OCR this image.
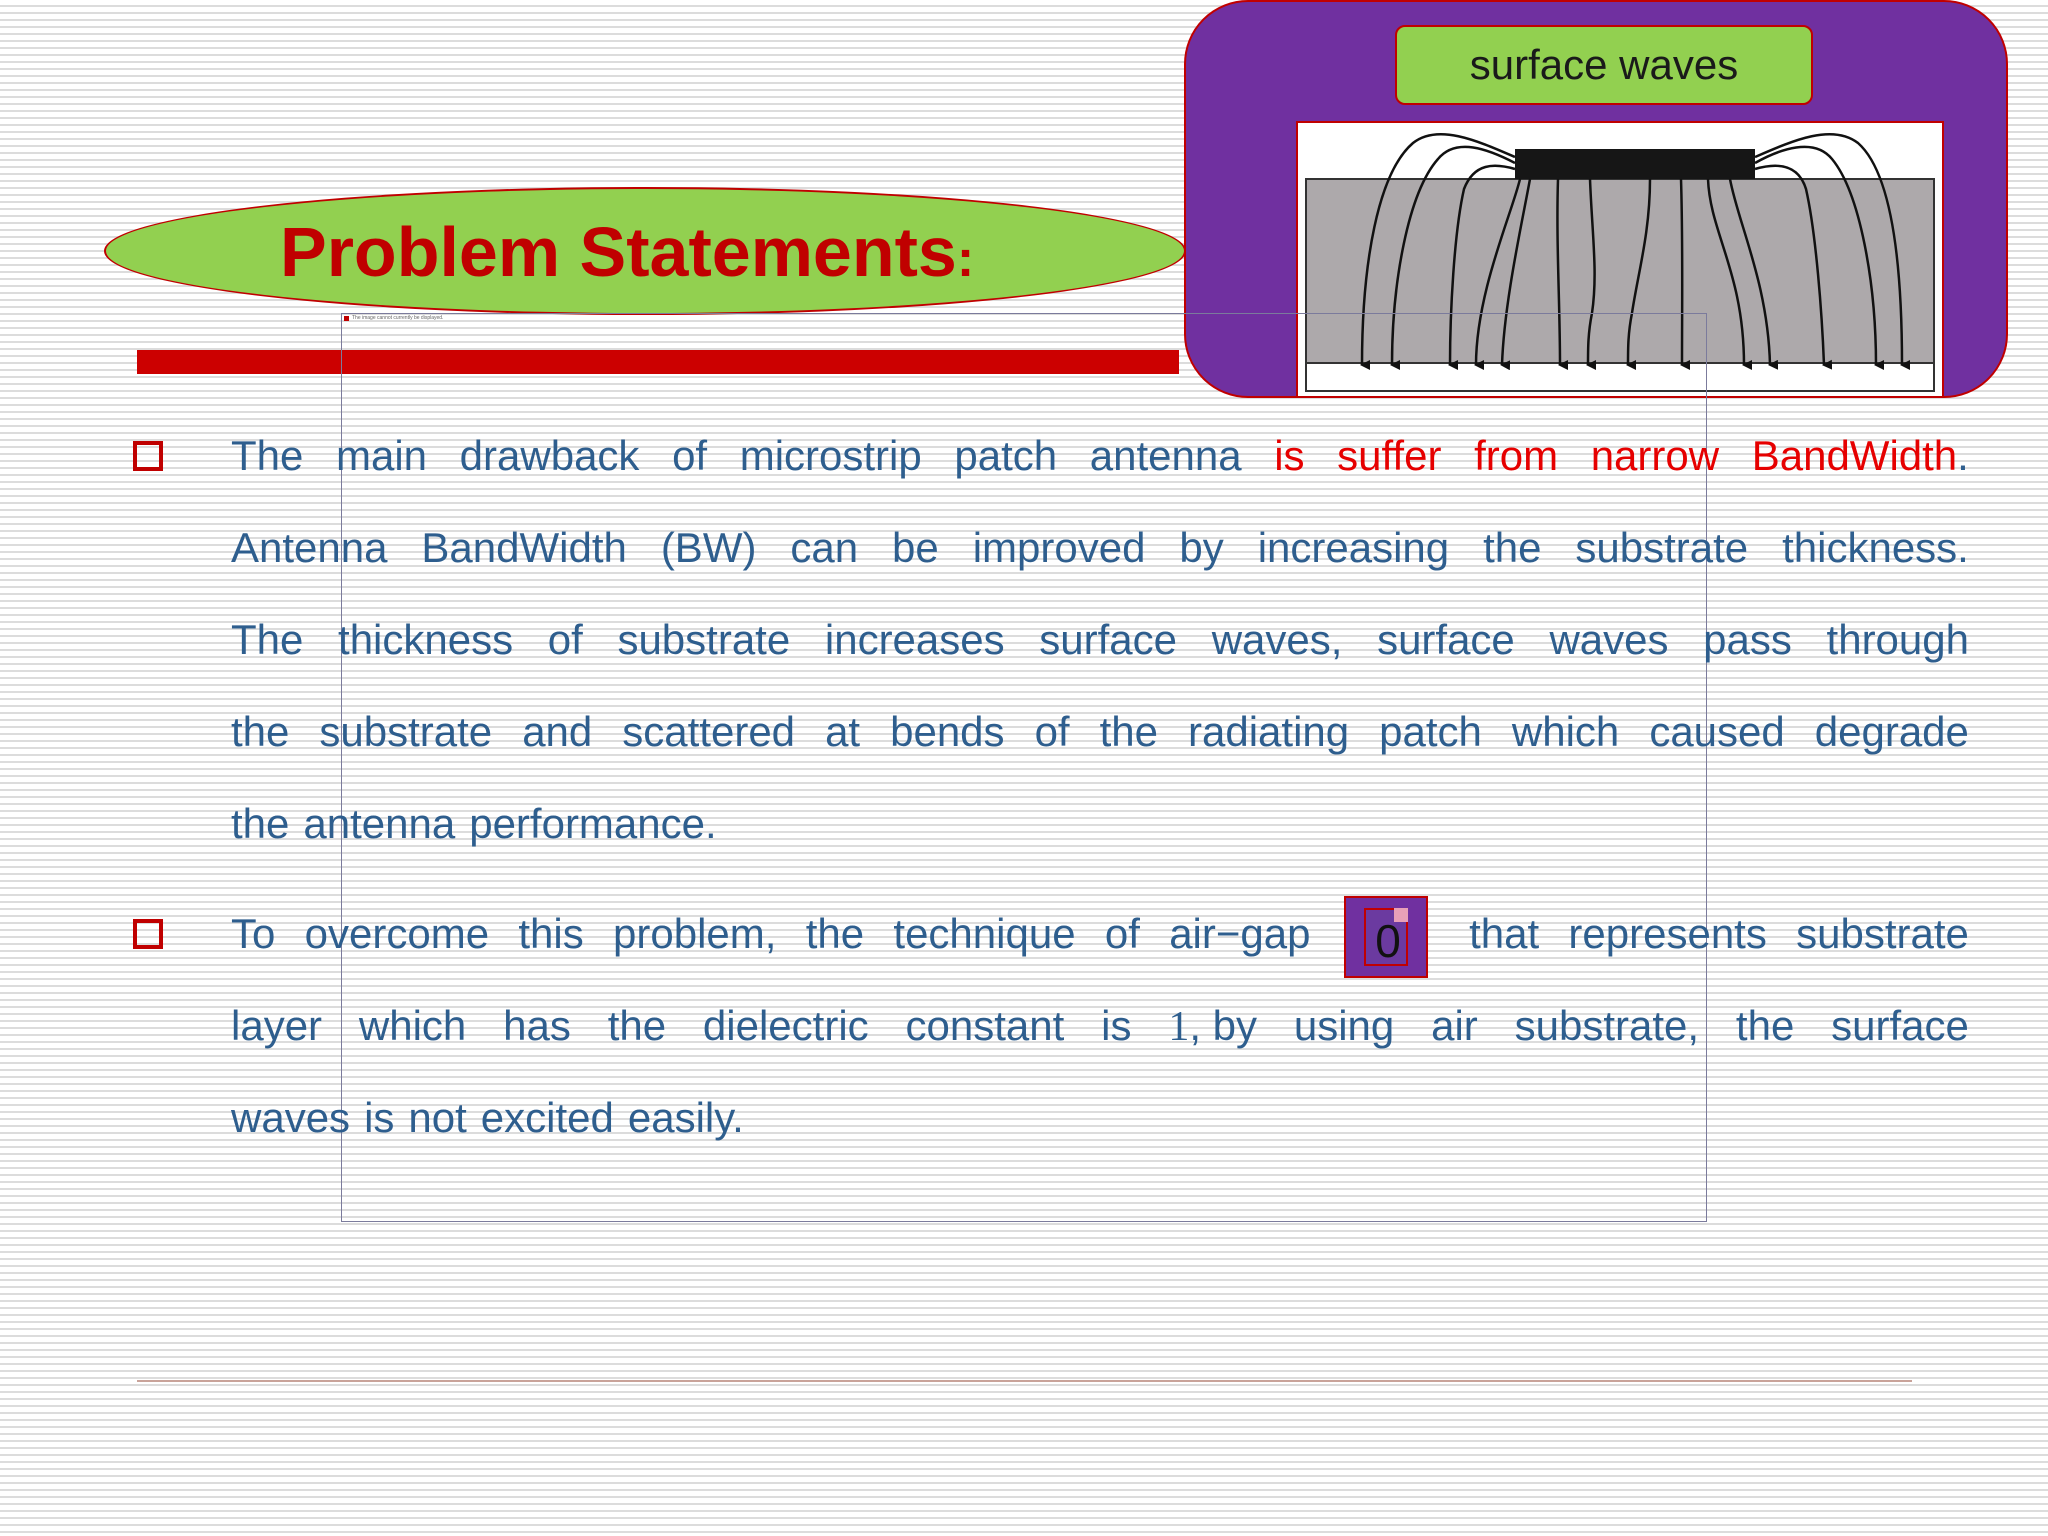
Problem Statements:
surface waves
The image cannot currently be displayed.
The main drawback of microstrip patch antenna is suffer from narrow BandWidth.
Antenna BandWidth (BW) can be improved by increasing the substrate thickness.
The thickness of substrate increases surface waves, surface waves pass through
the substrate and scattered at bends of the radiating patch which caused degrade
the antenna performance.
To overcome this problem, the technique of air−gap	that represents substrate
0
layer which has the dielectric constant is 1, by using air substrate, the surface
waves is not excited easily.
